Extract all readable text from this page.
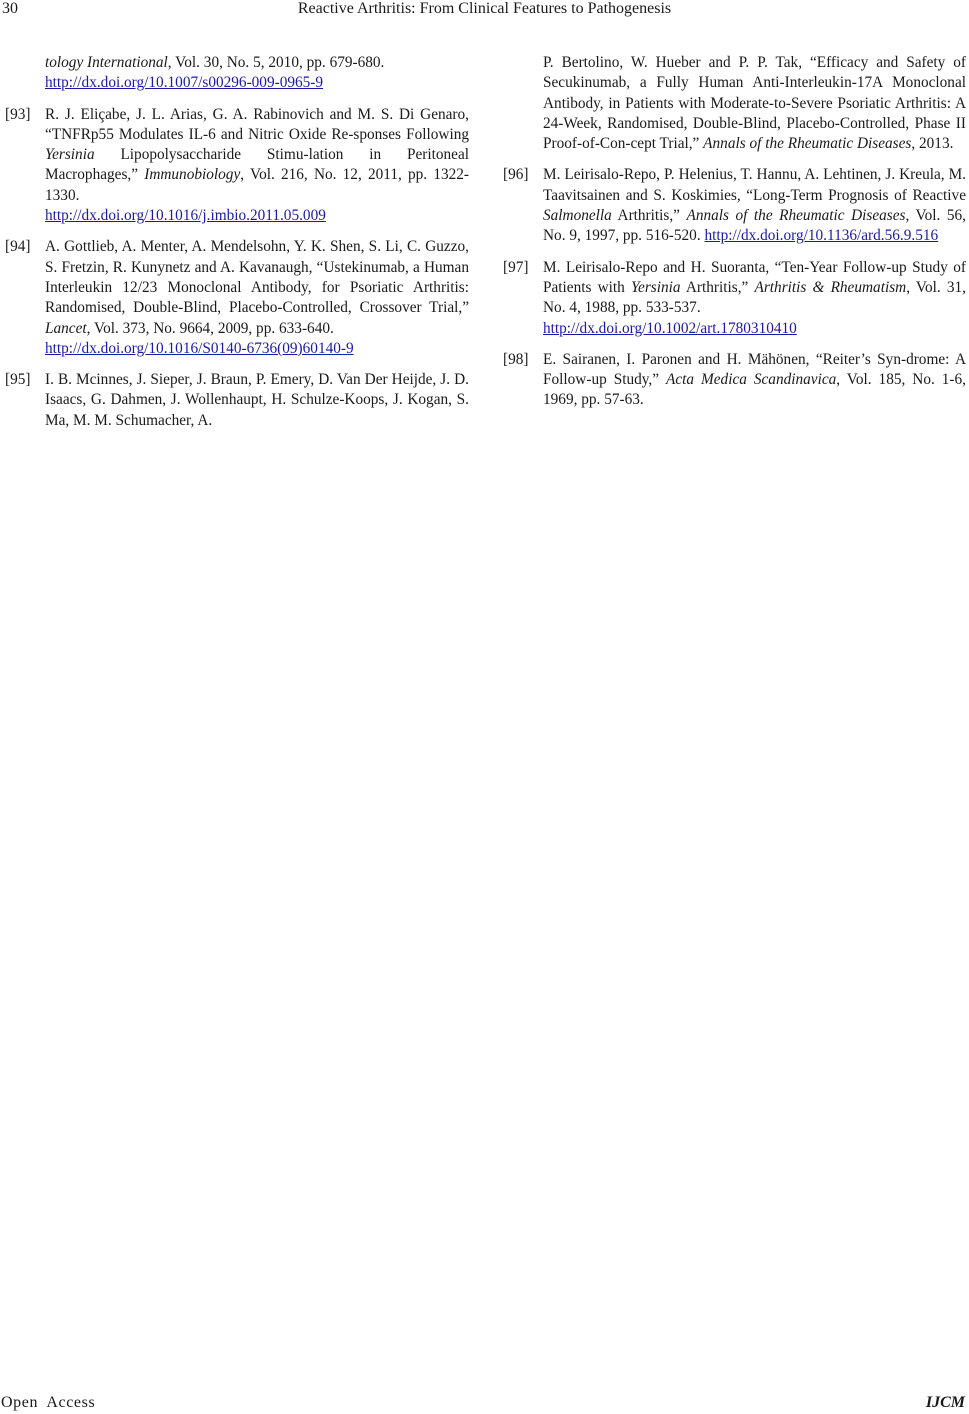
30	Reactive Arthritis: From Clinical Features to Pathogenesis
tology International, Vol. 30, No. 5, 2010, pp. 679-680.
http://dx.doi.org/10.1007/s00296-009-0965-9
[93] R. J. Eliçabe, J. L. Arias, G. A. Rabinovich and M. S. Di Genaro, “TNFRp55 Modulates IL-6 and Nitric Oxide Re-sponses Following Yersinia Lipopolysaccharide Stimu-lation in Peritoneal Macrophages,” Immunobiology, Vol. 216, No. 12, 2011, pp. 1322-1330.
http://dx.doi.org/10.1016/j.imbio.2011.05.009
[94] A. Gottlieb, A. Menter, A. Mendelsohn, Y. K. Shen, S. Li, C. Guzzo, S. Fretzin, R. Kunynetz and A. Kavanaugh, “Ustekinumab, a Human Interleukin 12/23 Monoclonal Antibody, for Psoriatic Arthritis: Randomised, Double-Blind, Placebo-Controlled, Crossover Trial,” Lancet, Vol. 373, No. 9664, 2009, pp. 633-640.
http://dx.doi.org/10.1016/S0140-6736(09)60140-9
[95] I. B. Mcinnes, J. Sieper, J. Braun, P. Emery, D. Van Der Heijde, J. D. Isaacs, G. Dahmen, J. Wollenhaupt, H. Schulze-Koops, J. Kogan, S. Ma, M. M. Schumacher, A.
P. Bertolino, W. Hueber and P. P. Tak, “Efficacy and Safety of Secukinumab, a Fully Human Anti-Interleukin-17A Monoclonal Antibody, in Patients with Moderate-to-Severe Psoriatic Arthritis: A 24-Week, Randomised, Double-Blind, Placebo-Controlled, Phase II Proof-of-Con-cept Trial,” Annals of the Rheumatic Diseases, 2013.
[96] M. Leirisalo-Repo, P. Helenius, T. Hannu, A. Lehtinen, J. Kreula, M. Taavitsainen and S. Koskimies, “Long-Term Prognosis of Reactive Salmonella Arthritis,” Annals of the Rheumatic Diseases, Vol. 56, No. 9, 1997, pp. 516-520. http://dx.doi.org/10.1136/ard.56.9.516
[97] M. Leirisalo-Repo and H. Suoranta, “Ten-Year Follow-up Study of Patients with Yersinia Arthritis,” Arthritis & Rheumatism, Vol. 31, No. 4, 1988, pp. 533-537.
http://dx.doi.org/10.1002/art.1780310410
[98] E. Sairanen, I. Paronen and H. Mähönen, “Reiter’s Syn-drome: A Follow-up Study,” Acta Medica Scandinavica, Vol. 185, No. 1-6, 1969, pp. 57-63.
Open  Access	IJCM
